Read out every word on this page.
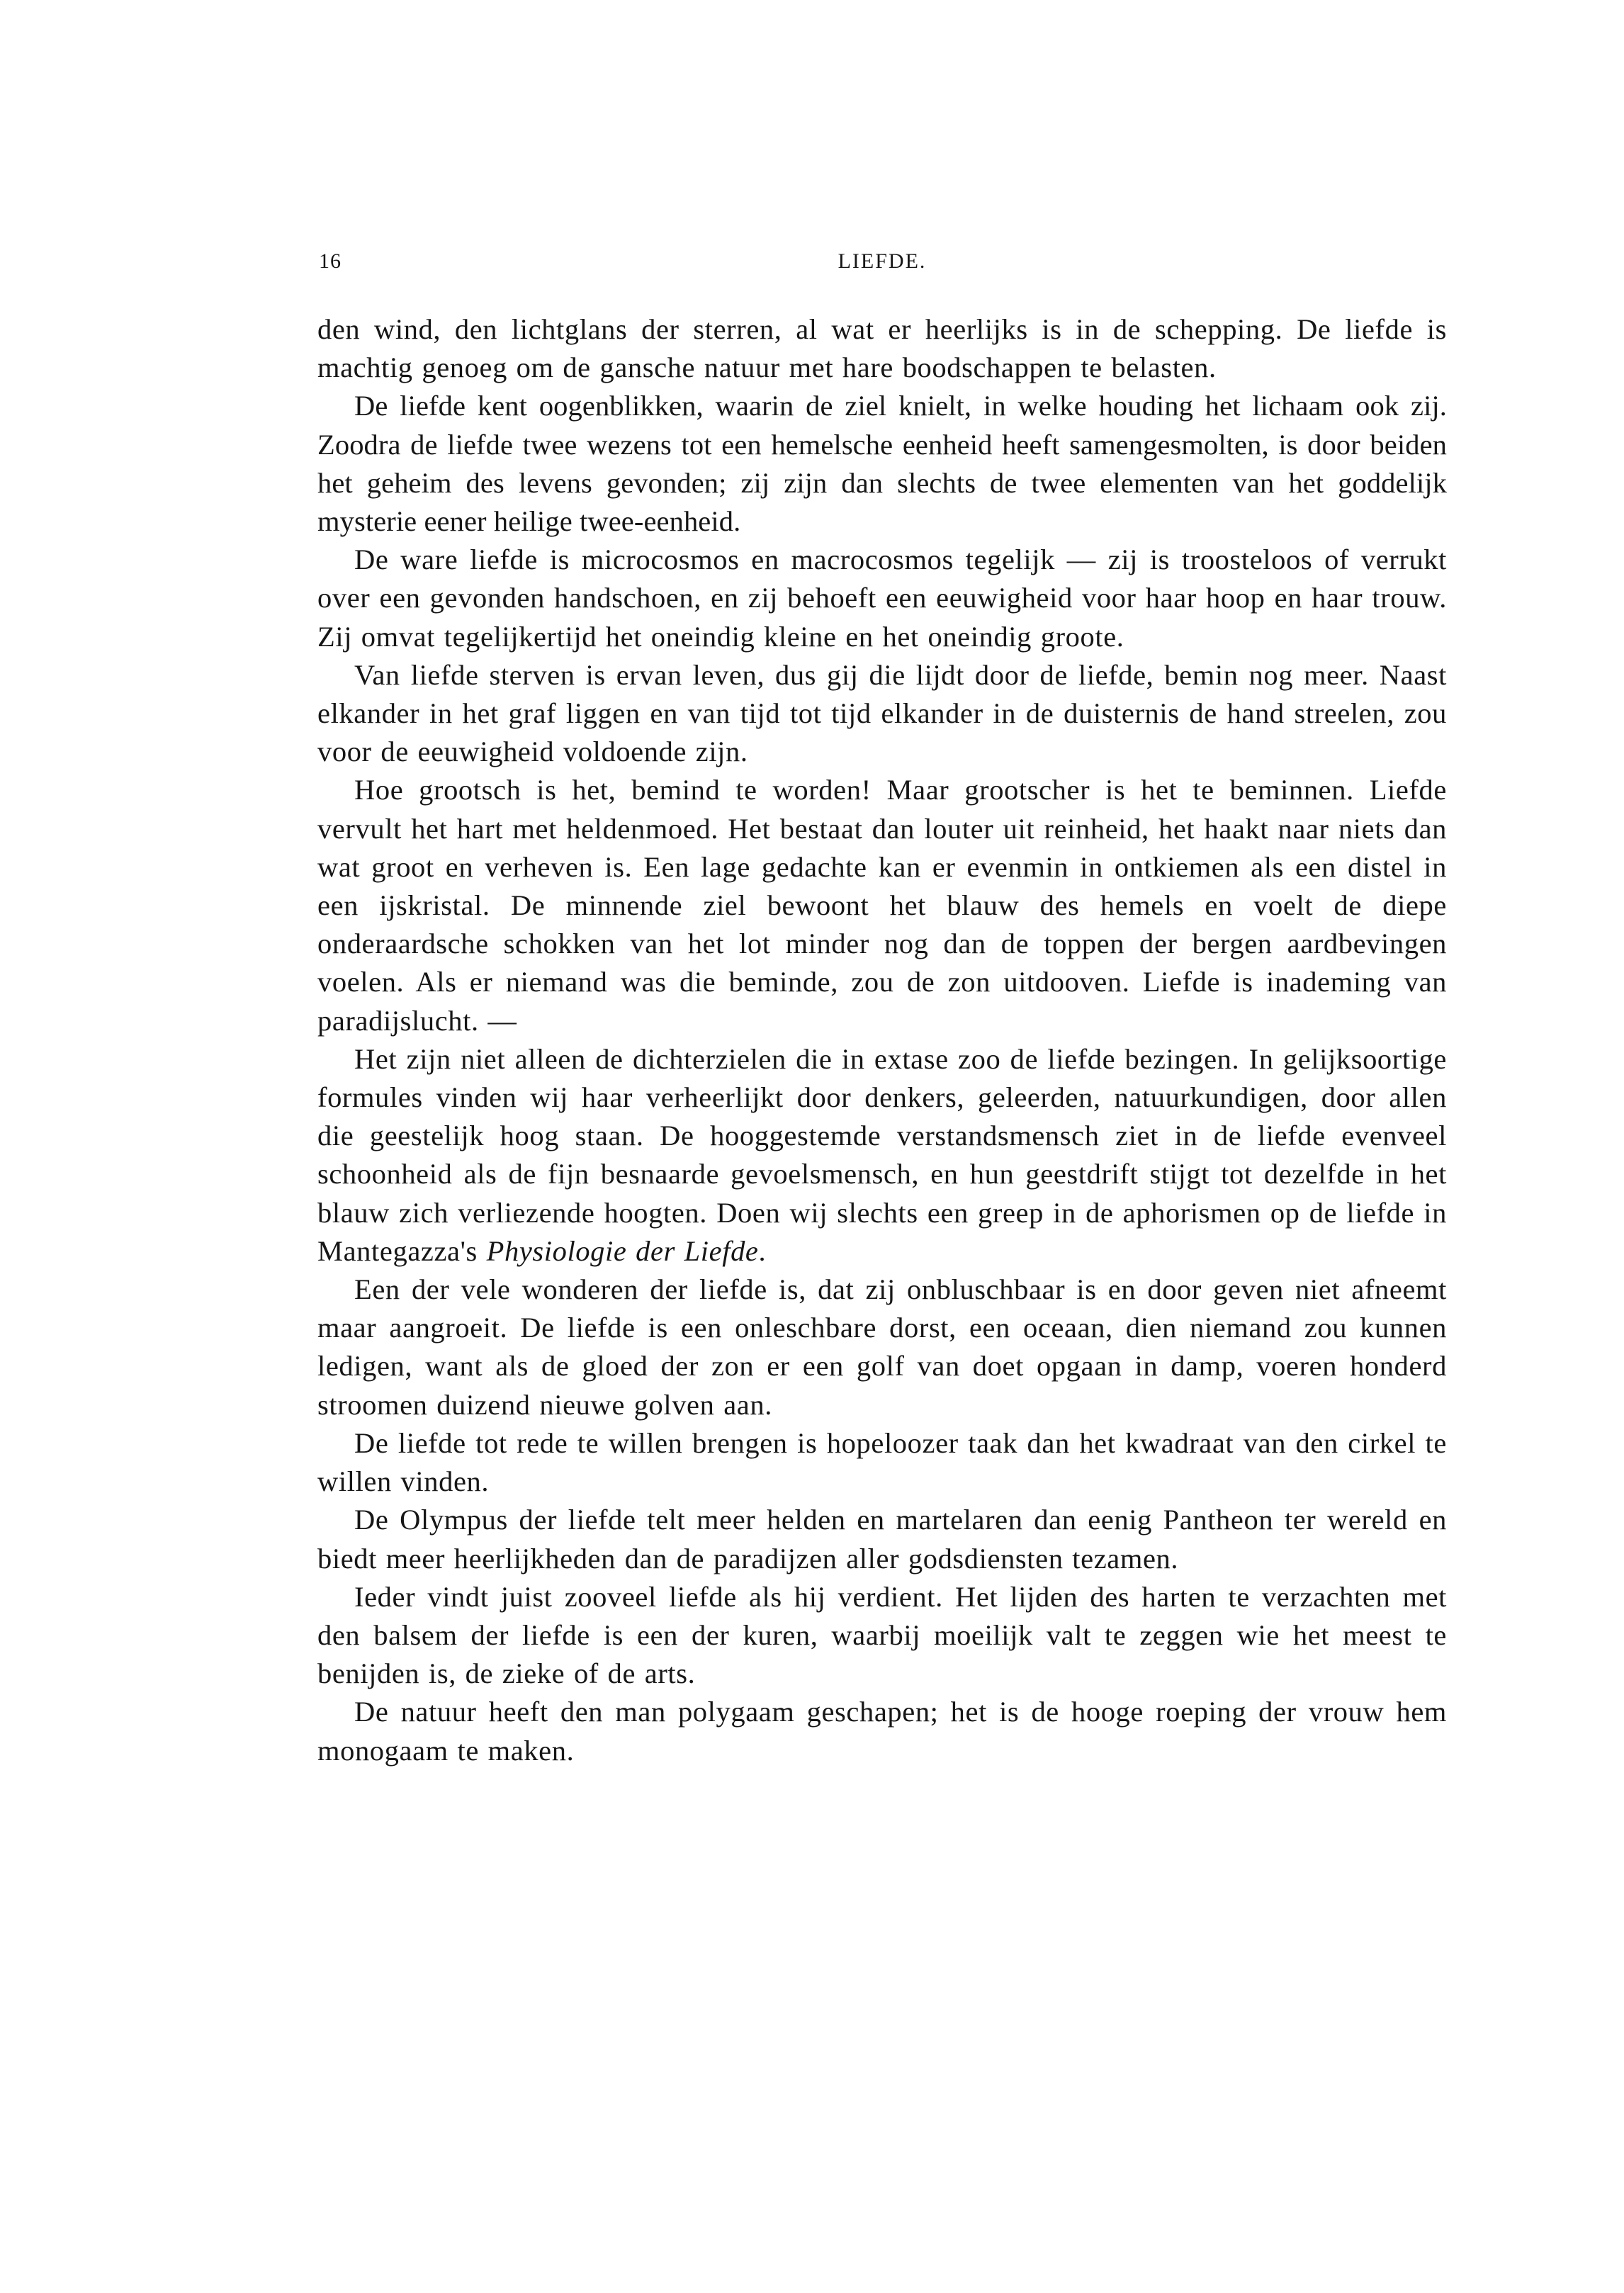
16	LIEFDE.

den wind, den lichtglans der sterren, al wat er heerlijks is in de schepping. De liefde is machtig genoeg om de gansche natuur met hare boodschappen te belasten.

De liefde kent oogenblikken, waarin de ziel knielt, in welke houding het lichaam ook zij. Zoodra de liefde twee wezens tot een hemelsche eenheid heeft samengesmolten, is door beiden het geheim des levens gevonden; zij zijn dan slechts de twee elementen van het goddelijk mysterie eener heilige twee-eenheid.

De ware liefde is microcosmos en macrocosmos tegelijk — zij is troosteloos of verrukt over een gevonden handschoen, en zij behoeft een eeuwigheid voor haar hoop en haar trouw. Zij omvat tegelijkertijd het oneindig kleine en het oneindig groote.

Van liefde sterven is ervan leven, dus gij die lijdt door de liefde, bemin nog meer. Naast elkander in het graf liggen en van tijd tot tijd elkander in de duisternis de hand streelen, zou voor de eeuwigheid voldoende zijn.

Hoe grootsch is het, bemind te worden! Maar grootscher is het te beminnen. Liefde vervult het hart met heldenmoed. Het bestaat dan louter uit reinheid, het haakt naar niets dan wat groot en verheven is. Een lage gedachte kan er evenmin in ontkiemen als een distel in een ijskristal. De minnende ziel bewoont het blauw des hemels en voelt de diepe onderaardsche schokken van het lot minder nog dan de toppen der bergen aardbevingen voelen. Als er niemand was die beminde, zou de zon uitdooven. Liefde is inademing van paradijslucht. —

Het zijn niet alleen de dichterzielen die in extase zoo de liefde bezingen. In gelijksoortige formules vinden wij haar verheerlijkt door denkers, geleerden, natuurkundigen, door allen die geestelijk hoog staan. De hooggestemde verstandsmensch ziet in de liefde evenveel schoonheid als de fijn besnaarde gevoelsmensch, en hun geestdrift stijgt tot dezelfde in het blauw zich verliezende hoogten. Doen wij slechts een greep in de aphorismen op de liefde in Mantegazza's Physiologie der Liefde.

Een der vele wonderen der liefde is, dat zij onbluschbaar is en door geven niet afneemt maar aangroeit. De liefde is een onleschbare dorst, een oceaan, dien niemand zou kunnen ledigen, want als de gloed der zon er een golf van doet opgaan in damp, voeren honderd stroomen duizend nieuwe golven aan.

De liefde tot rede te willen brengen is hopeloozer taak dan het kwadraat van den cirkel te willen vinden.

De Olympus der liefde telt meer helden en martelaren dan eenig Pantheon ter wereld en biedt meer heerlijkheden dan de paradijzen aller godsdiensten tezamen.

Ieder vindt juist zooveel liefde als hij verdient. Het lijden des harten te verzachten met den balsem der liefde is een der kuren, waarbij moeilijk valt te zeggen wie het meest te benijden is, de zieke of de arts.

De natuur heeft den man polygaam geschapen; het is de hooge roeping der vrouw hem monogaam te maken.
